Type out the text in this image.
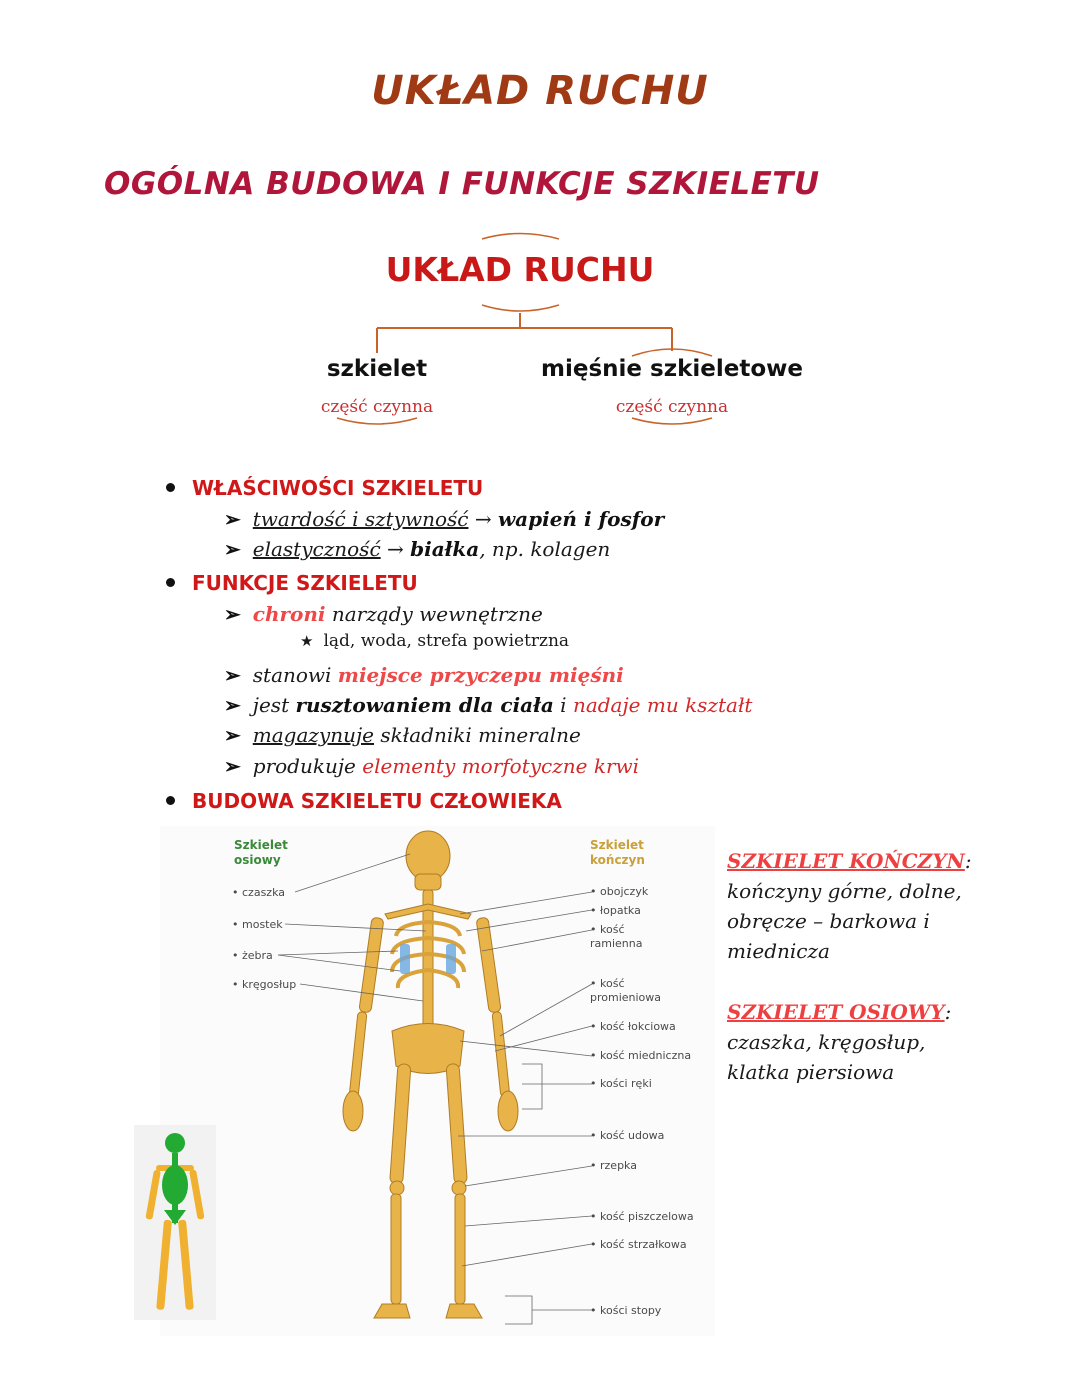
UKŁAD RUCHU
OGÓLNA BUDOWA I FUNKCJE SZKIELETU
UKŁAD RUCHU
szkielet
część czynna
mięśnie szkieletowe
część czynna
WŁAŚCIWOŚCI SZKIELETU
➢ twardość i sztywność → wapień i fosfor
➢ elastyczność → białka, np. kolagen
FUNKCJE SZKIELETU
➢ chroni narządy wewnętrzne
★ ląd, woda, strefa powietrzna
➢ stanowi miejsce przyczepu mięśni
➢ jest rusztowaniem dla ciała i nadaje mu kształt
➢ magazynuje składniki mineralne
➢ produkuje elementy morfotyczne krwi
BUDOWA SZKIELETU CZŁOWIEKA
Szkielet osiowy
Szkielet kończyn
• czaszka
• mostek
• żebra
• kręgosłup
• obojczyk
• łopatka
• kość ramienna
• kość promieniowa
• kość łokciowa
• kość miedniczna
• kości ręki
• kość udowa
• rzepka
• kość piszczelowa
• kość strzałkowa
• kości stopy
SZKIELET KOŃCZYN:
kończyny górne, dolne,
obręcze – barkowa i
miednicza
SZKIELET OSIOWY:
czaszka, kręgosłup,
klatka piersiowa
